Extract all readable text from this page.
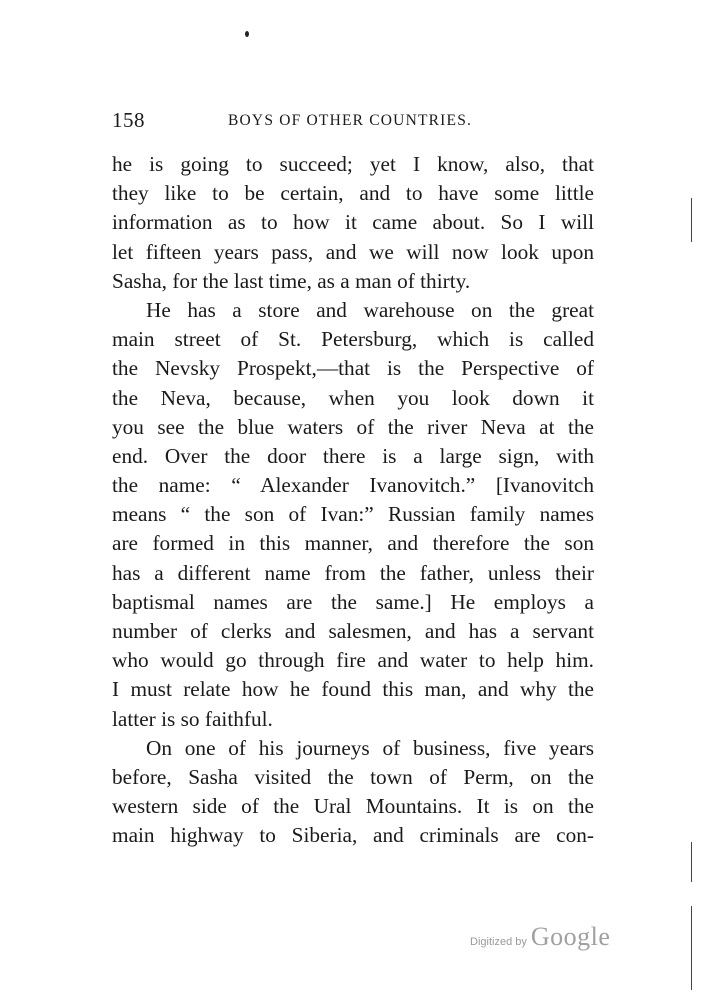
158	BOYS OF OTHER COUNTRIES.
he is going to succeed; yet I know, also, that
they like to be certain, and to have some little
information as to how it came about. So I will
let fifteen years pass, and we will now look upon
Sasha, for the last time, as a man of thirty.
He has a store and warehouse on the great
main street of St. Petersburg, which is called
the Nevsky Prospekt,—that is the Perspective of
the Neva, because, when you look down it
you see the blue waters of the river Neva at the
end. Over the door there is a large sign, with
the name: “ Alexander Ivanovitch.” [Ivanovitch
means “ the son of Ivan:” Russian family names
are formed in this manner, and therefore the son
has a different name from the father, unless their
baptismal names are the same.] He employs a
number of clerks and salesmen, and has a servant
who would go through fire and water to help him.
I must relate how he found this man, and why the
latter is so faithful.
On one of his journeys of business, five years
before, Sasha visited the town of Perm, on the
western side of the Ural Mountains. It is on the
main highway to Siberia, and criminals are con-
Digitized by Google
